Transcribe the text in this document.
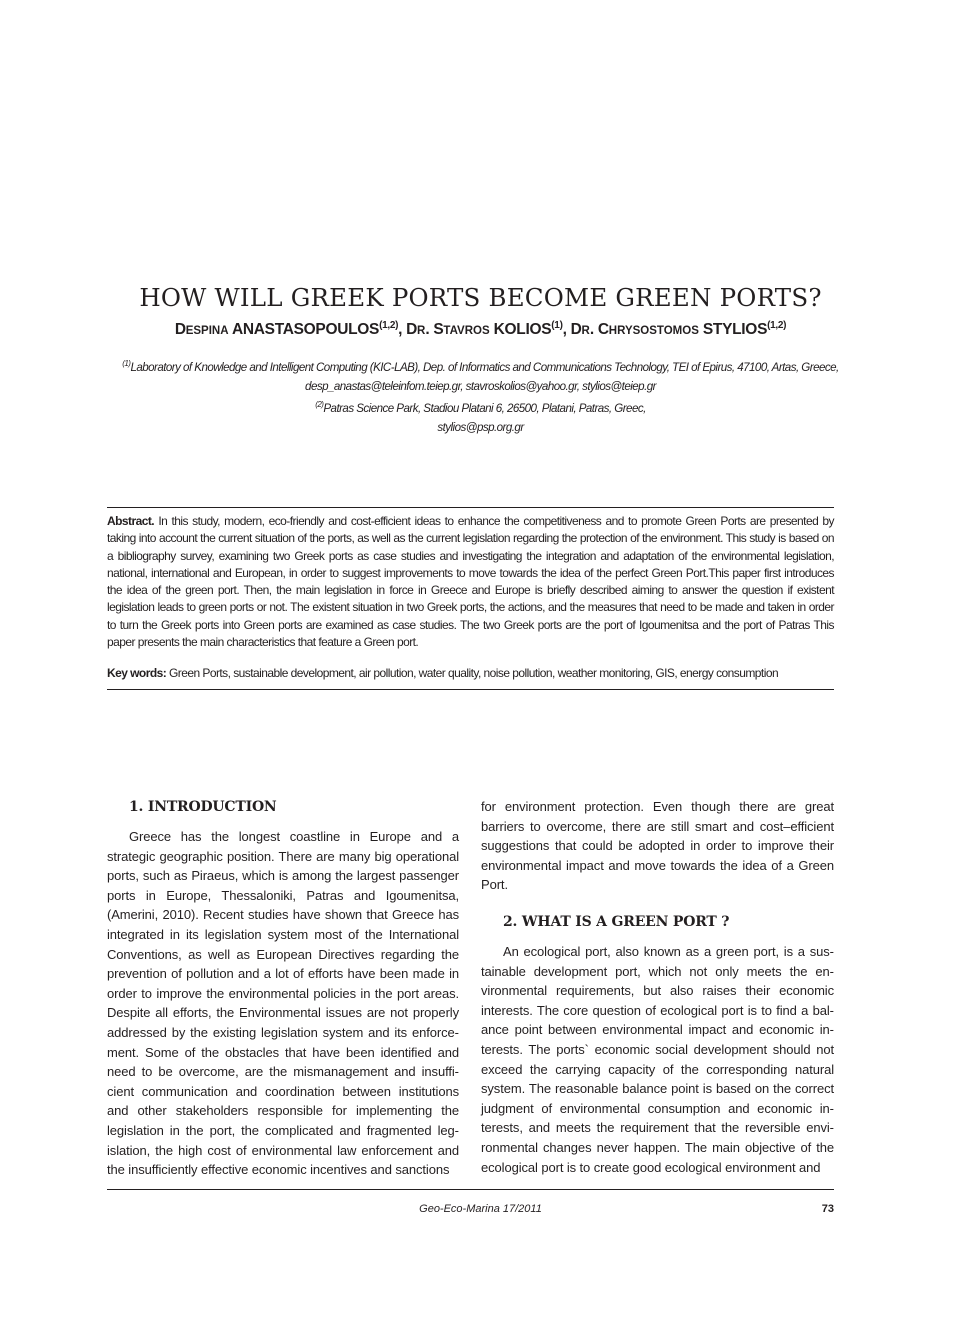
HOW WILL GREEK PORTS BECOME GREEN PORTS?
DESPINA ANASTASOPOULOS$^{(1,2)}$, DR. STAVROS KOLIOS$^{(1)}$, DR. CHRYSOSTOMOS STYLIOS$^{(1,2)}$
$^{(1)}$Laboratory of Knowledge and Intelligent Computing (KIC-LAB), Dep. of Informatics and Communications Technology, TEI of Epirus, 47100, Artas, Greece,
desp_anastas@teleinfom.teiep.gr, stavroskolios@yahoo.gr, stylios@teiep.gr
$^{(2)}$Patras Science Park, Stadiou Platani 6, 26500, Platani, Patras, Greec,
stylios@psp.org.gr
Abstract. In this study, modern, eco-friendly and cost-efficient ideas to enhance the competitiveness and to promote Green Ports are presented by taking into account the current situation of the ports, as well as the current legislation regarding the protection of the environment. This study is based on a bibliography survey, examining two Greek ports as case studies and investigating the integration and adaptation of the environmental legislation, national, international and European, in order to suggest improvements to move towards the idea of the perfect Green Port.This paper first introduces the idea of the green port. Then, the main legislation in force in Greece and Europe is briefly described aiming to answer the question if existent legislation leads to green ports or not. The existent situation in two Greek ports, the actions, and the measures that need to be made and taken in order to turn the Greek ports into Green ports are examined as case studies. The two Greek ports are the port of Igoumenitsa and the port of Patras This paper presents the main characteristics that feature a Green port.
Key words: Green Ports, sustainable development, air pollution, water quality, noise pollution, weather monitoring, GIS, energy consumption
1. INTRODUCTION

Greece has the longest coastline in Europe and a strategic geographic position. There are many big operational ports, such as Piraeus, which is among the largest passenger ports in Europe, Thessaloniki, Patras and Igoumenitsa, (Amerini, 2010). Recent studies have shown that Greece has integrated in its legislation system most of the International Conventions, as well as European Directives regarding the prevention of pollution and a lot of efforts have been made in order to improve the environmental policies in the port areas. Despite all efforts, the Environmental issues are not properly addressed by the existing legislation system and its enforcement. Some of the obstacles that have been identified and need to be overcome, are the mismanagement and insufficient communication and coordination between institutions and other stakeholders responsible for implementing the legislation in the port, the complicated and fragmented legislation, the high cost of environmental law enforcement and the insufficiently effective economic incentives and sanctions

for environment protection. Even though there are great barriers to overcome, there are still smart and cost–efficient suggestions that could be adopted in order to improve their environmental impact and move towards the idea of a Green Port.

2. WHAT IS A GREEN PORT ?

An ecological port, also known as a green port, is a sustainable development port, which not only meets the environmental requirements, but also raises their economic interests. The core question of ecological port is to find a balance point between environmental impact and economic interests. The ports` economic social development should not exceed the carrying capacity of the corresponding natural system. The reasonable balance point is based on the correct judgment of environmental consumption and economic interests, and meets the requirement that the reversible environmental changes never happen. The main objective of the ecological port is to create good ecological environment and

Geo-Eco-Marina 17/2011	73
